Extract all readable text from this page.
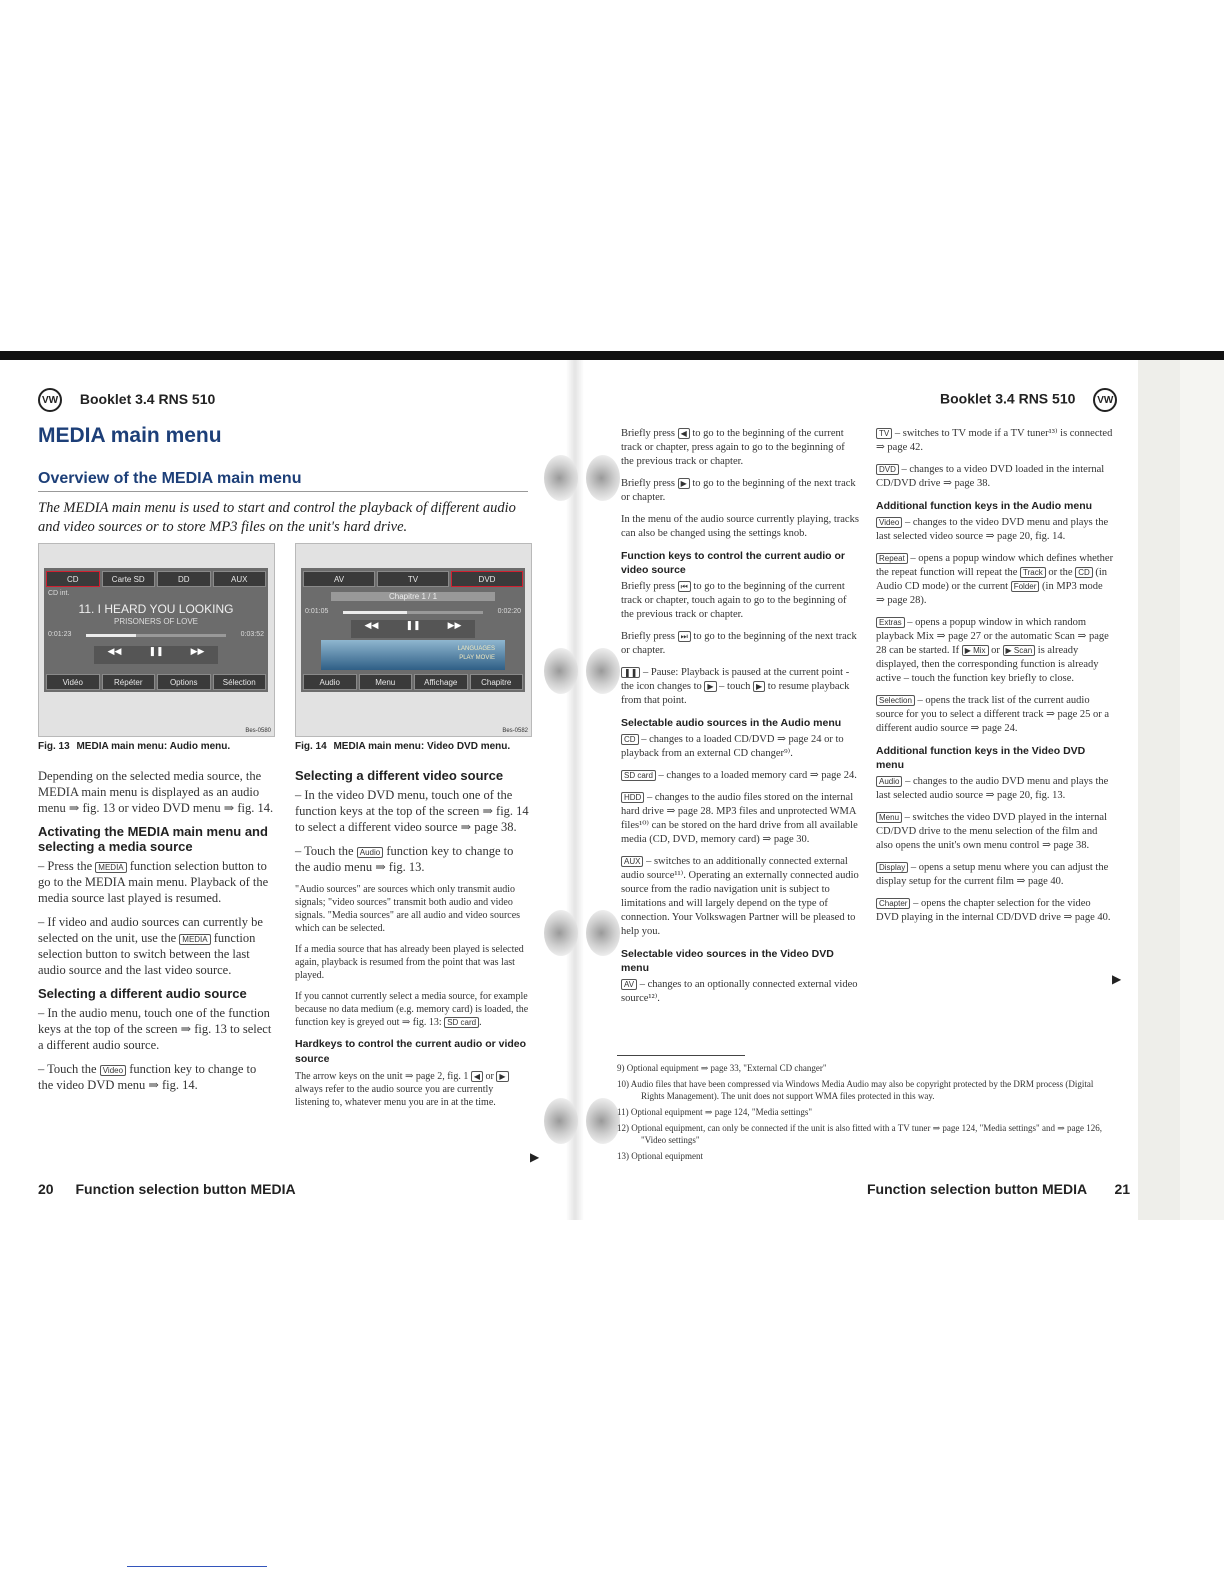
VW Booklet 3.4 RNS 510	Booklet 3.4 RNS 510 VW
MEDIA main menu
Overview of the MEDIA main menu

The MEDIA main menu is used to start and control the playback of different audio and video sources or to store MP3 files on the unit's hard drive.

CD	Carte SD	DD	AUX
CD int.
11. I HEARD YOU LOOKING
PRISONERS OF LOVE
0:01:23	0:03:52
◀◀	❚❚	▶▶
Vidéo	Répéter	Options	Sélection
Bes-0580
Fig. 13 MEDIA main menu: Audio menu.
AV	TV	DVD
Chapitre 1 / 1
0:01:05	0:02:20
◀◀	❚❚	▶▶
LANGUAGES
PLAY MOVIE
Audio	Menu	Affichage	Chapitre
Bes-0582
Fig. 14 MEDIA main menu: Video DVD menu.

Depending on the selected media source, the MEDIA main menu is displayed as an audio menu ⇒ fig. 13 or video DVD menu ⇒ fig. 14.

Activating the MEDIA main menu and selecting a media source

– Press the MEDIA function selection button to go to the MEDIA main menu. Playback of the media source last played is resumed.

– If video and audio sources can currently be selected on the unit, use the MEDIA function selection button to switch between the last audio source and the last video source.

Selecting a different audio source

– In the audio menu, touch one of the function keys at the top of the screen ⇒ fig. 13 to select a different audio source.

– Touch the Video function key to change to the video DVD menu ⇒ fig. 14.

Selecting a different video source

– In the video DVD menu, touch one of the function keys at the top of the screen ⇒ fig. 14 to select a different video source ⇒ page 38.

– Touch the Audio function key to change to the audio menu ⇒ fig. 13.

"Audio sources" are sources which only transmit audio signals; "video sources" transmit both audio and video signals. "Media sources" are all audio and video sources which can be selected.

If a media source that has already been played is selected again, playback is resumed from the point that was last played.

If you cannot currently select a media source, for example because no data medium (e.g. memory card) is loaded, the function key is greyed out ⇒ fig. 13: SD card .

Hardkeys to control the current audio or video source

The arrow keys on the unit ⇒ page 2, fig. 1 ◀ or ▶ always refer to the audio source you are currently listening to, whatever menu you are in at the time.

▶

Briefly press ◀ to go to the beginning of the current track or chapter, press again to go to the beginning of the previous track or chapter.

Briefly press ▶ to go to the beginning of the next track or chapter.

In the menu of the audio source currently playing, tracks can also be changed using the settings knob.

Function keys to control the current audio or video source

Briefly press ⏮ to go to the beginning of the current track or chapter, touch again to go to the beginning of the previous track or chapter.

Briefly press ⏭ to go to the beginning of the next track or chapter.

❚❚ – Pause: Playback is paused at the current point - the icon changes to ▶ – touch ▶ to resume playback from that point.

Selectable audio sources in the Audio menu

CD – changes to a loaded CD/DVD ⇒ page 24 or to playback from an external CD changer⁹⁾.

SD card – changes to a loaded memory card ⇒ page 24.

HDD – changes to the audio files stored on the internal hard drive ⇒ page 28. MP3 files and unprotected WMA files¹⁰⁾ can be stored on the hard drive from all available media (CD, DVD, memory card) ⇒ page 30.

AUX – switches to an additionally connected external audio source¹¹⁾. Operating an externally connected audio source from the radio navigation unit is subject to limitations and will largely depend on the type of connection. Your Volkswagen Partner will be pleased to help you.

Selectable video sources in the Video DVD menu

AV – changes to an optionally connected external video source¹²⁾.

TV – switches to TV mode if a TV tuner¹³⁾ is connected ⇒ page 42.

DVD – changes to a video DVD loaded in the internal CD/DVD drive ⇒ page 38.

Additional function keys in the Audio menu

Video – changes to the video DVD menu and plays the last selected video source ⇒ page 20, fig. 14.

Repeat – opens a popup window which defines whether the repeat function will repeat the Track or the CD (in Audio CD mode) or the current Folder (in MP3 mode ⇒ page 28).

Extras – opens a popup window in which random playback Mix ⇒ page 27 or the automatic Scan ⇒ page 28 can be started. If ▶ Mix or ▶ Scan is already displayed, then the corresponding function is already active – touch the function key briefly to close.

Selection – opens the track list of the current audio source for you to select a different track ⇒ page 25 or a different audio source ⇒ page 24.

Additional function keys in the Video DVD menu

Audio – changes to the audio DVD menu and plays the last selected audio source ⇒ page 20, fig. 13.

Menu – switches the video DVD played in the internal CD/DVD drive to the menu selection of the film and also opens the unit's own menu control ⇒ page 38.

Display – opens a setup menu where you can adjust the display setup for the current film ⇒ page 40.

Chapter – opens the chapter selection for the video DVD playing in the internal CD/DVD drive ⇒ page 40.

▶
9) Optional equipment ⇒ page 33, "External CD changer"
10) Audio files that have been compressed via Windows Media Audio may also be copyright protected by the DRM process (Digital Rights Management). The unit does not support WMA files protected in this way.
11) Optional equipment ⇒ page 124, "Media settings"
12) Optional equipment, can only be connected if the unit is also fitted with a TV tuner ⇒ page 124, "Media settings" and ⇒ page 126, "Video settings"
13) Optional equipment
20 Function selection button MEDIA	Function selection button MEDIA 21
